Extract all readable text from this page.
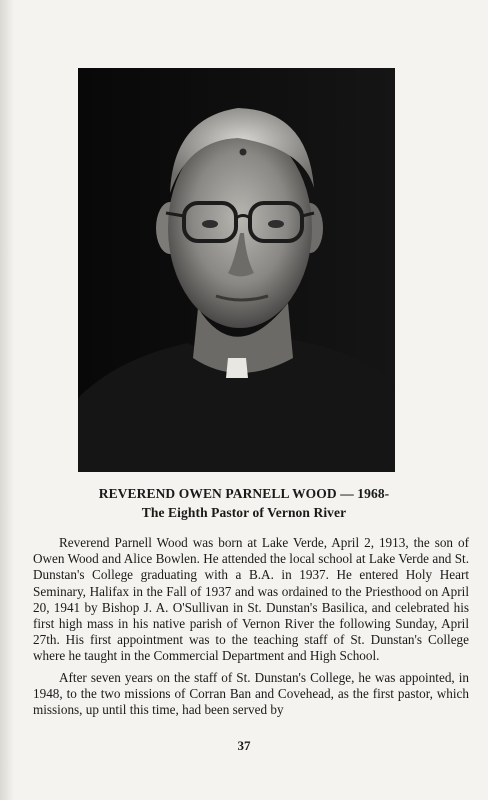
REVEREND OWEN PARNELL WOOD — 1968-
The Eighth Pastor of Vernon River

Reverend Parnell Wood was born at Lake Verde, April 2, 1913, the son of Owen Wood and Alice Bowlen. He attended the local school at Lake Verde and St. Dunstan's College graduating with a B.A. in 1937. He entered Holy Heart Seminary, Halifax in the Fall of 1937 and was ordained to the Priesthood on April 20, 1941 by Bishop J. A. O'Sullivan in St. Dunstan's Basilica, and celebrated his first high mass in his native parish of Vernon River the following Sunday, April 27th. His first appointment was to the teaching staff of St. Dunstan's College where he taught in the Commercial Department and High School.

After seven years on the staff of St. Dunstan's College, he was appointed, in 1948, to the two missions of Corran Ban and Covehead, as the first pastor, which missions, up until this time, had been served by

37
